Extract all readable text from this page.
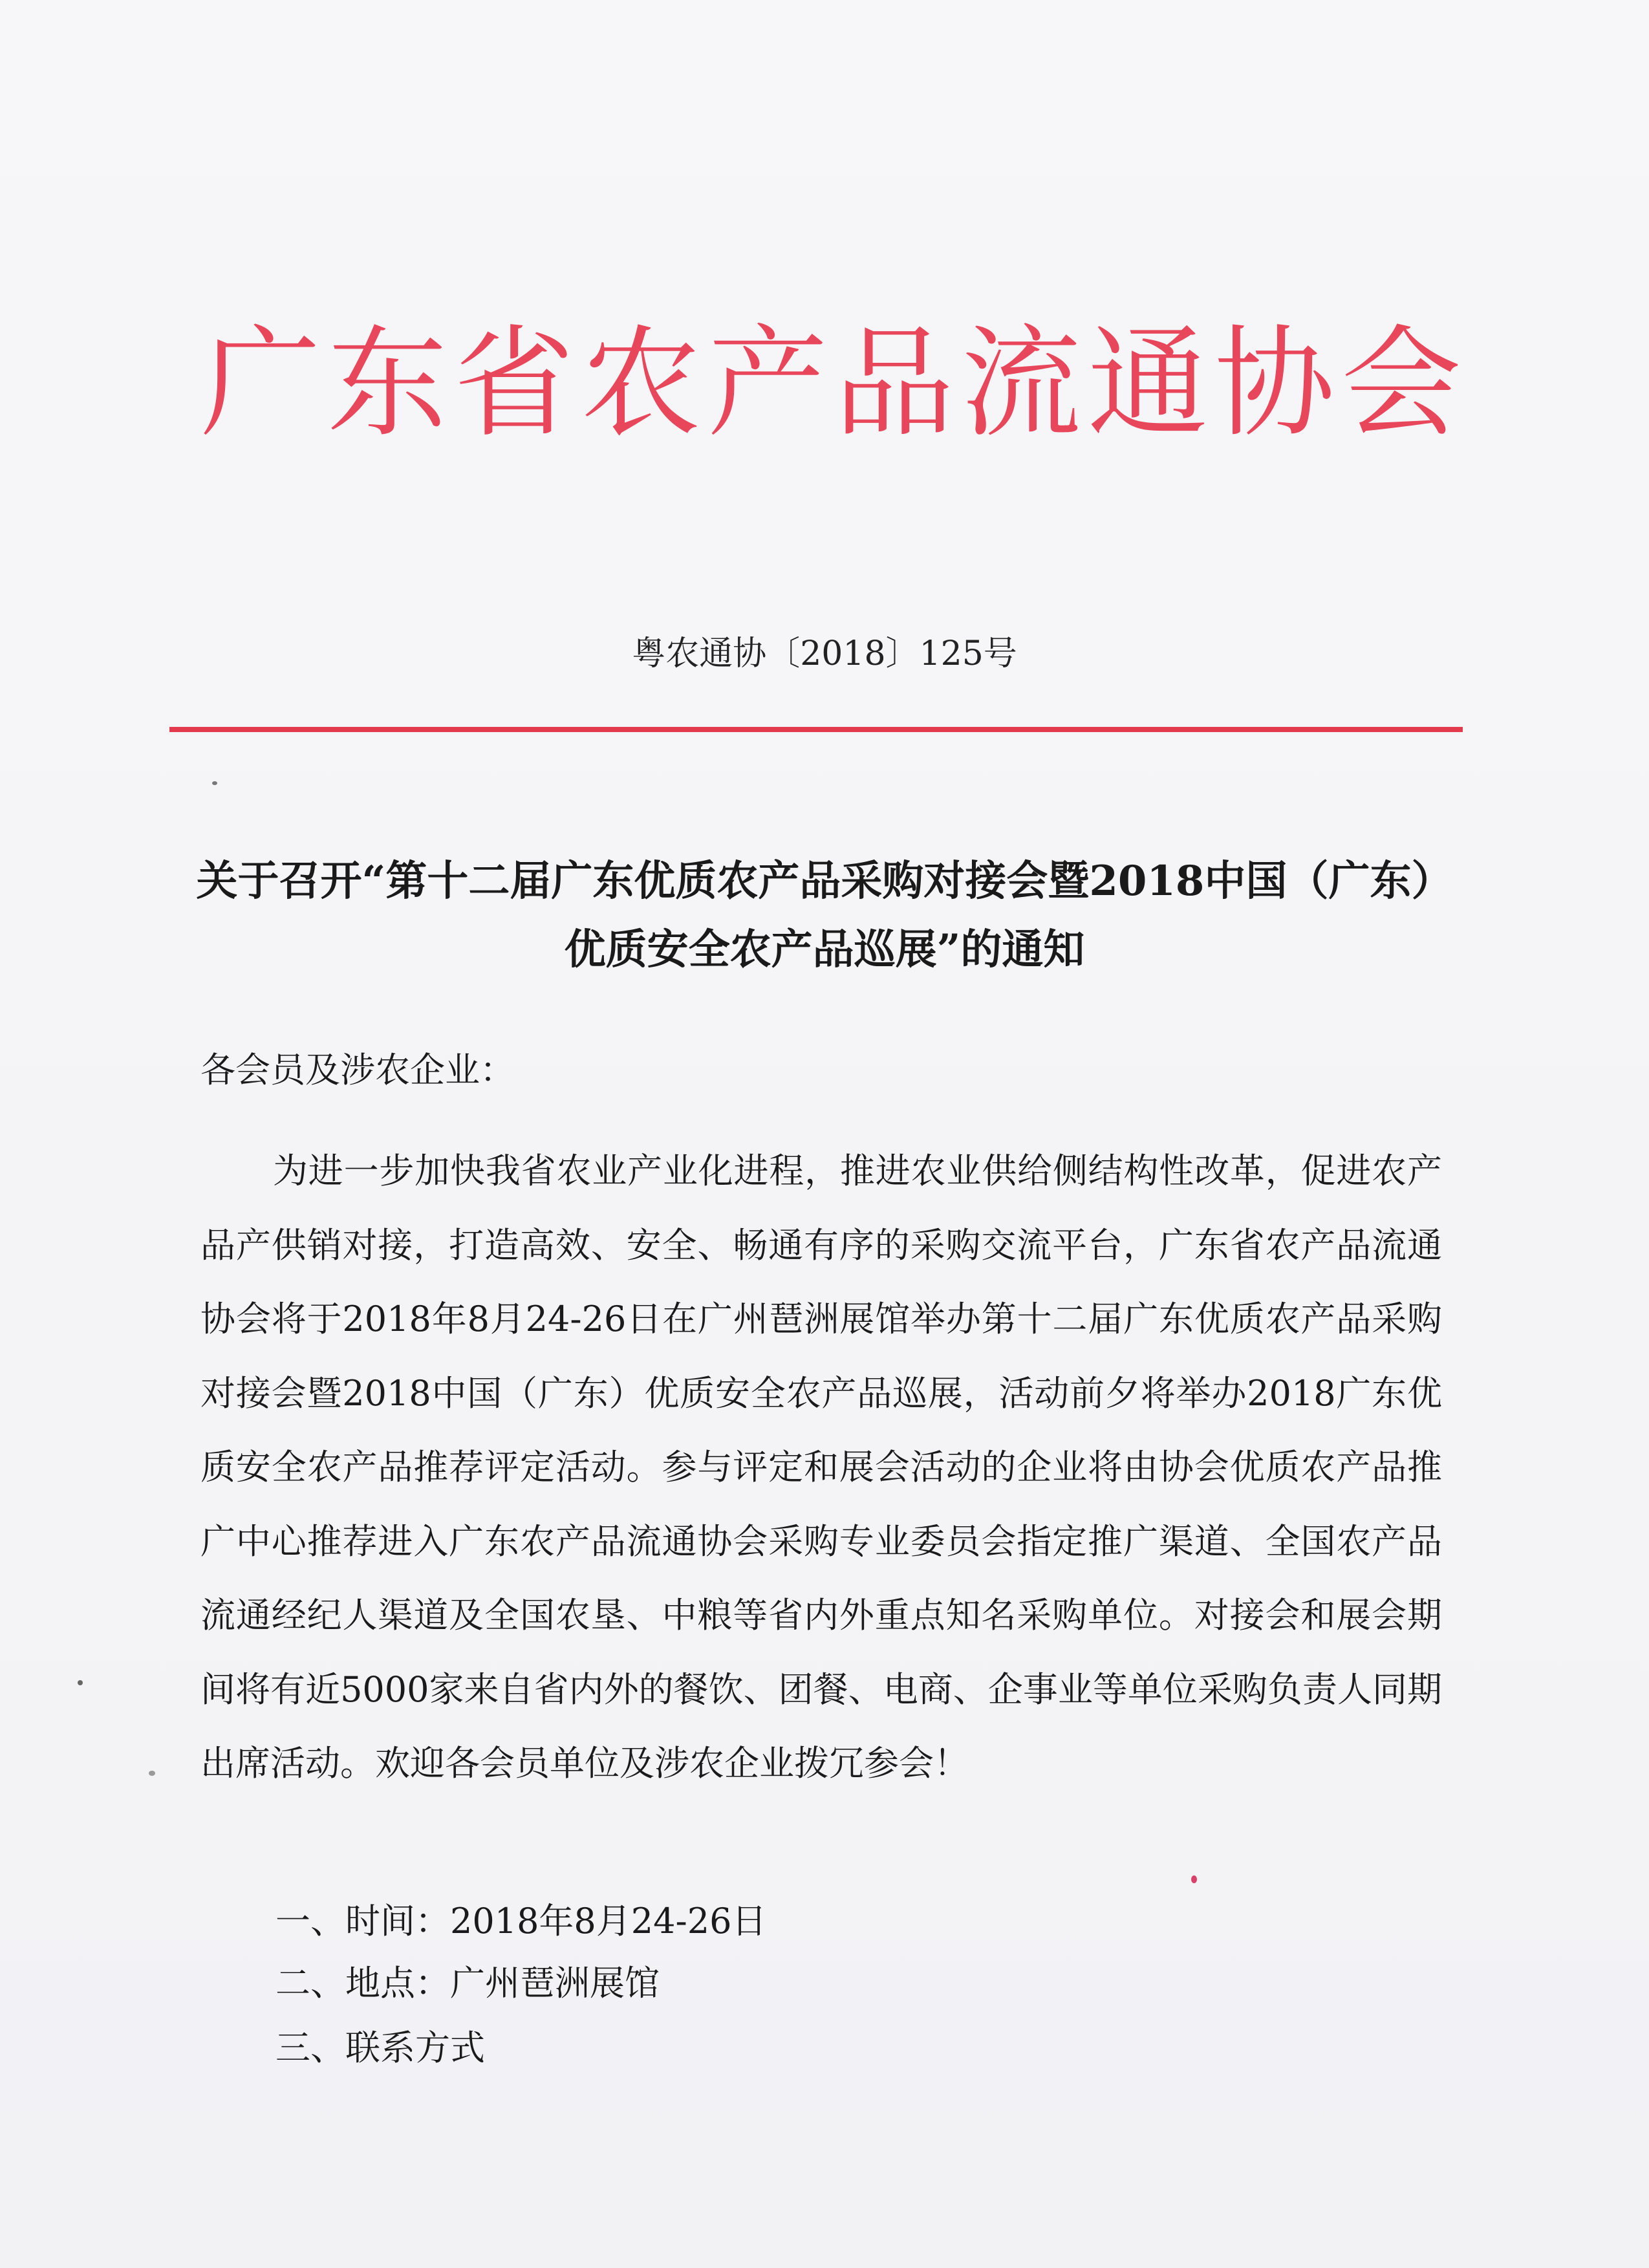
广东省农产品流通协会
粤农通协〔2018〕125号
关于召开“第十二届广东优质农产品采购对接会暨2018中国（广东）优质安全农产品巡展”的通知
各会员及涉农企业：

为进一步加快我省农业产业化进程，推进农业供给侧结构性改革，促进农产品产供销对接，打造高效、安全、畅通有序的采购交流平台，广东省农产品流通协会将于2018年8月24-26日在广州琶洲展馆举办第十二届广东优质农产品采购对接会暨2018中国（广东）优质安全农产品巡展，活动前夕将举办2018广东优质安全农产品推荐评定活动。参与评定和展会活动的企业将由协会优质农产品推广中心推荐进入广东农产品流通协会采购专业委员会指定推广渠道、全国农产品流通经纪人渠道及全国农垦、中粮等省内外重点知名采购单位。对接会和展会期间将有近5000家来自省内外的餐饮、团餐、电商、企事业等单位采购负责人同期出席活动。欢迎各会员单位及涉农企业拨冗参会！

一、时间：2018年8月24-26日
二、地点：广州琶洲展馆
三、联系方式
